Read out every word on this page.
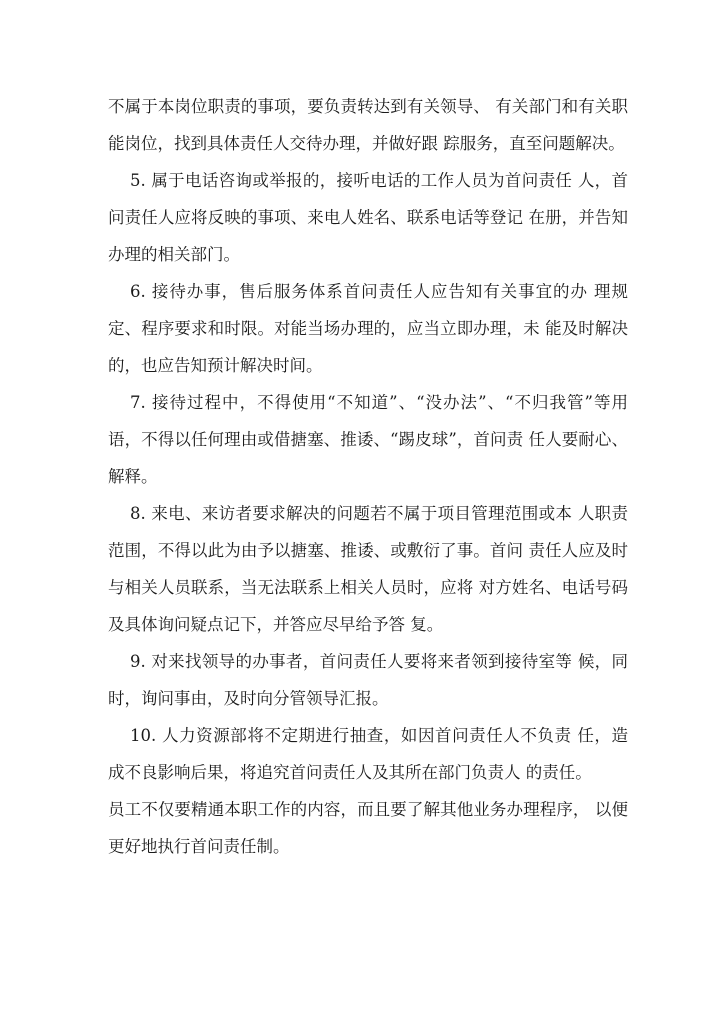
不属于本岗位职责的事项，要负责转达到有关领导、 有关部门和有关职能岗位，找到具体责任人交待办理，并做好跟 踪服务，直至问题解决。

5. 属于电话咨询或举报的，接听电话的工作人员为首问责任 人，首问责任人应将反映的事项、来电人姓名、联系电话等登记 在册，并告知办理的相关部门。

6. 接待办事，售后服务体系首问责任人应告知有关事宜的办 理规定、程序要求和时限。对能当场办理的，应当立即办理，未 能及时解决的，也应告知预计解决时间。

7. 接待过程中，不得使用“不知道”、“没办法”、“不归我管”等用语，不得以任何理由或借搪塞、推诿、“踢皮球”，首问责 任人要耐心、解释。

8. 来电、来访者要求解决的问题若不属于项目管理范围或本 人职责范围，不得以此为由予以搪塞、推诿、或敷衍了事。首问 责任人应及时与相关人员联系，当无法联系上相关人员时，应将 对方姓名、电话号码及具体询问疑点记下，并答应尽早给予答 复。

9. 对来找领导的办事者，首问责任人要将来者领到接待室等 候，同时，询问事由，及时向分管领导汇报。

10. 人力资源部将不定期进行抽查，如因首问责任人不负责 任，造成不良影响后果，将追究首问责任人及其所在部门负责人 的责任。

员工不仅要精通本职工作的内容，而且要了解其他业务办理程序， 以便更好地执行首问责任制。
